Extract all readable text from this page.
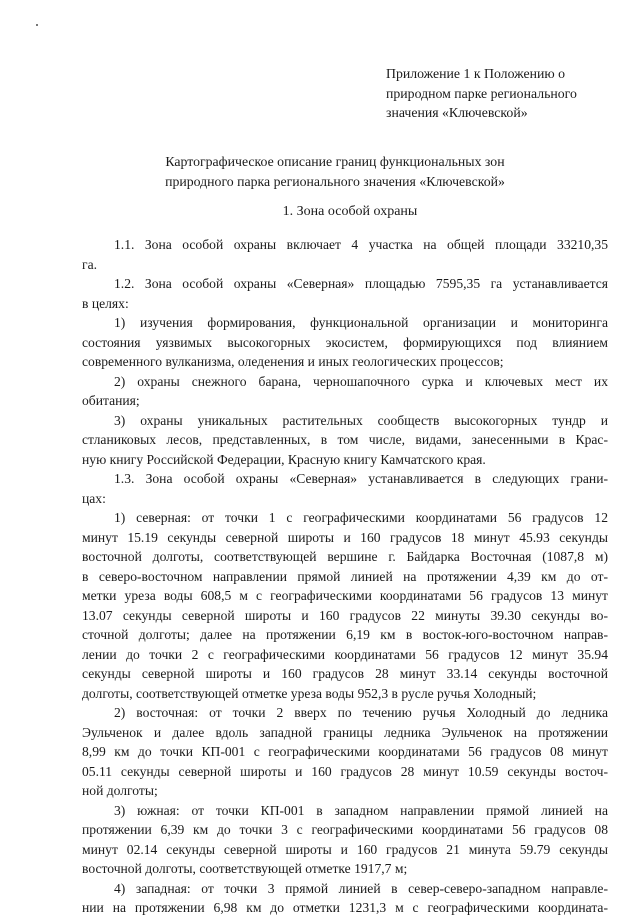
Приложение 1 к Положению о
природном парке регионального
значения «Ключевской»
Картографическое описание границ функциональных зон
природного парка регионального значения «Ключевской»
1. Зона особой охраны
1.1. Зона особой охраны включает 4 участка на общей площади 33210,35
га.
1.2. Зона особой охраны «Северная» площадью 7595,35 га устанавливается
в целях:
1) изучения формирования, функциональной организации и мониторинга
состояния уязвимых высокогорных экосистем, формирующихся под влиянием
современного вулканизма, оледенения и иных геологических процессов;
2) охраны снежного барана, черношапочного сурка и ключевых мест их
обитания;
3) охраны уникальных растительных сообществ высокогорных тундр и
стланиковых лесов, представленных, в том числе, видами, занесенными в Крас-
ную книгу Российской Федерации, Красную книгу Камчатского края.
1.3. Зона особой охраны «Северная» устанавливается в следующих грани-
цах:
1) северная: от точки 1 с географическими координатами 56 градусов 12
минут 15.19 секунды северной широты и 160 градусов 18 минут 45.93 секунды
восточной долготы, соответствующей вершине г. Байдарка Восточная (1087,8 м)
в северо-восточном направлении прямой линией на протяжении 4,39 км до от-
метки уреза воды 608,5 м с географическими координатами 56 градусов 13 минут
13.07 секунды северной широты и 160 градусов 22 минуты 39.30 секунды во-
сточной долготы; далее на протяжении 6,19 км в восток-юго-восточном направ-
лении до точки 2 с географическими координатами 56 градусов 12 минут 35.94
секунды северной широты и 160 градусов 28 минут 33.14 секунды восточной
долготы, соответствующей отметке уреза воды 952,3 в русле ручья Холодный;
2) восточная: от точки 2 вверх по течению ручья Холодный до ледника
Эульченок и далее вдоль западной границы ледника Эульченок на протяжении
8,99 км до точки КП-001 с географическими координатами 56 градусов 08 минут
05.11 секунды северной широты и 160 градусов 28 минут 10.59 секунды восточ-
ной долготы;
3) южная: от точки КП-001 в западном направлении прямой линией на
протяжении 6,39 км до точки 3 с географическими координатами 56 градусов 08
минут 02.14 секунды северной широты и 160 градусов 21 минута 59.79 секунды
восточной долготы, соответствующей отметке 1917,7 м;
4) западная: от точки 3 прямой линией в север-северо-западном направле-
нии на протяжении 6,98 км до отметки 1231,3 м с географическими координата-
